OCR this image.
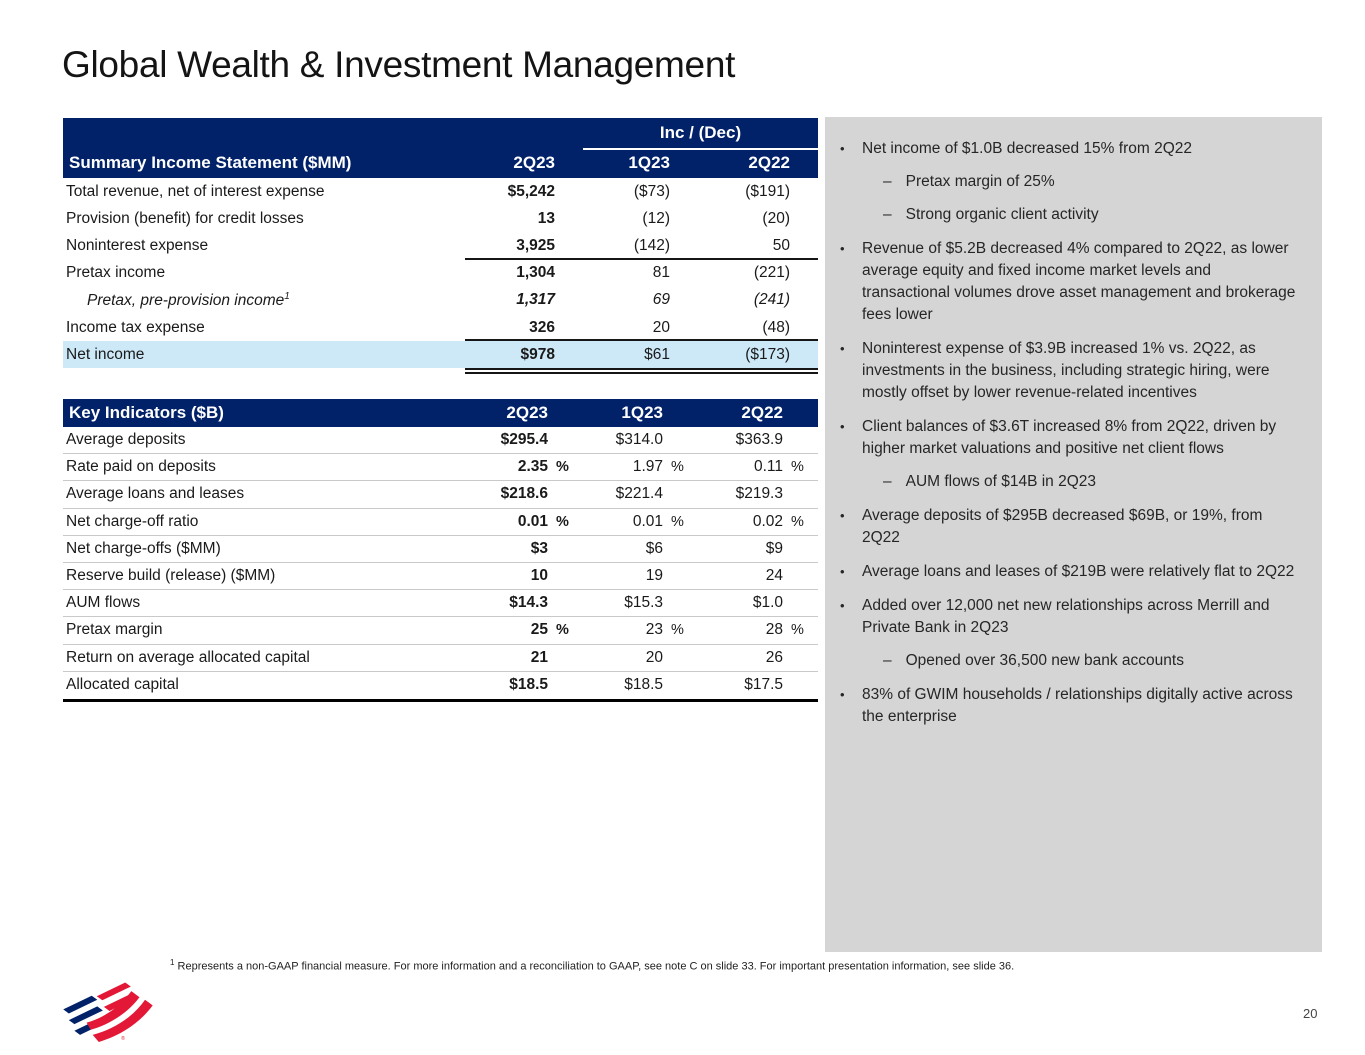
Global Wealth & Investment Management
Inc / (Dec)
Summary Income Statement ($MM)	2Q23	1Q23	2Q22
Total revenue, net of interest expense	$5,242	($73)	($191)
Provision (benefit) for credit losses	13	(12)	(20)
Noninterest expense	3,925	(142)	50
Pretax income	1,304	81	(221)
Pretax, pre-provision income$^1$	1,317	69	(241)
Income tax expense	326	20	(48)
Net income	$978	$61	($173)
Key Indicators ($B)	2Q23	1Q23	2Q22
Average deposits	$295.4	$314.0	$363.9
Rate paid on deposits	2.35 %	1.97 %	0.11 %
Average loans and leases	$218.6	$221.4	$219.3
Net charge-off ratio	0.01 %	0.01 %	0.02 %
Net charge-offs ($MM)	$3	$6	$9
Reserve build (release) ($MM)	10	19	24
AUM flows	$14.3	$15.3	$1.0
Pretax margin	25 %	23 %	28 %
Return on average allocated capital	21	20	26
Allocated capital	$18.5	$18.5	$17.5
•	Net income of $1.0B decreased 15% from 2Q22
– Pretax margin of 25%
– Strong organic client activity
•	Revenue of $5.2B decreased 4% compared to 2Q22, as lower average equity and fixed income market levels and transactional volumes drove asset management and brokerage fees lower
•	Noninterest expense of $3.9B increased 1% vs. 2Q22, as investments in the business, including strategic hiring, were mostly offset by lower revenue-related incentives
•	Client balances of $3.6T increased 8% from 2Q22, driven by higher market valuations and positive net client flows
– AUM flows of $14B in 2Q23
•	Average deposits of $295B decreased $69B, or 19%, from 2Q22
•	Average loans and leases of $219B were relatively flat to 2Q22
•	Added over 12,000 net new relationships across Merrill and Private Bank in 2Q23
– Opened over 36,500 new bank accounts
•	83% of GWIM households / relationships digitally active across the enterprise
$^1$ Represents a non-GAAP financial measure. For more information and a reconciliation to GAAP, see note C on slide 33. For important presentation information, see slide 36.
®
20
